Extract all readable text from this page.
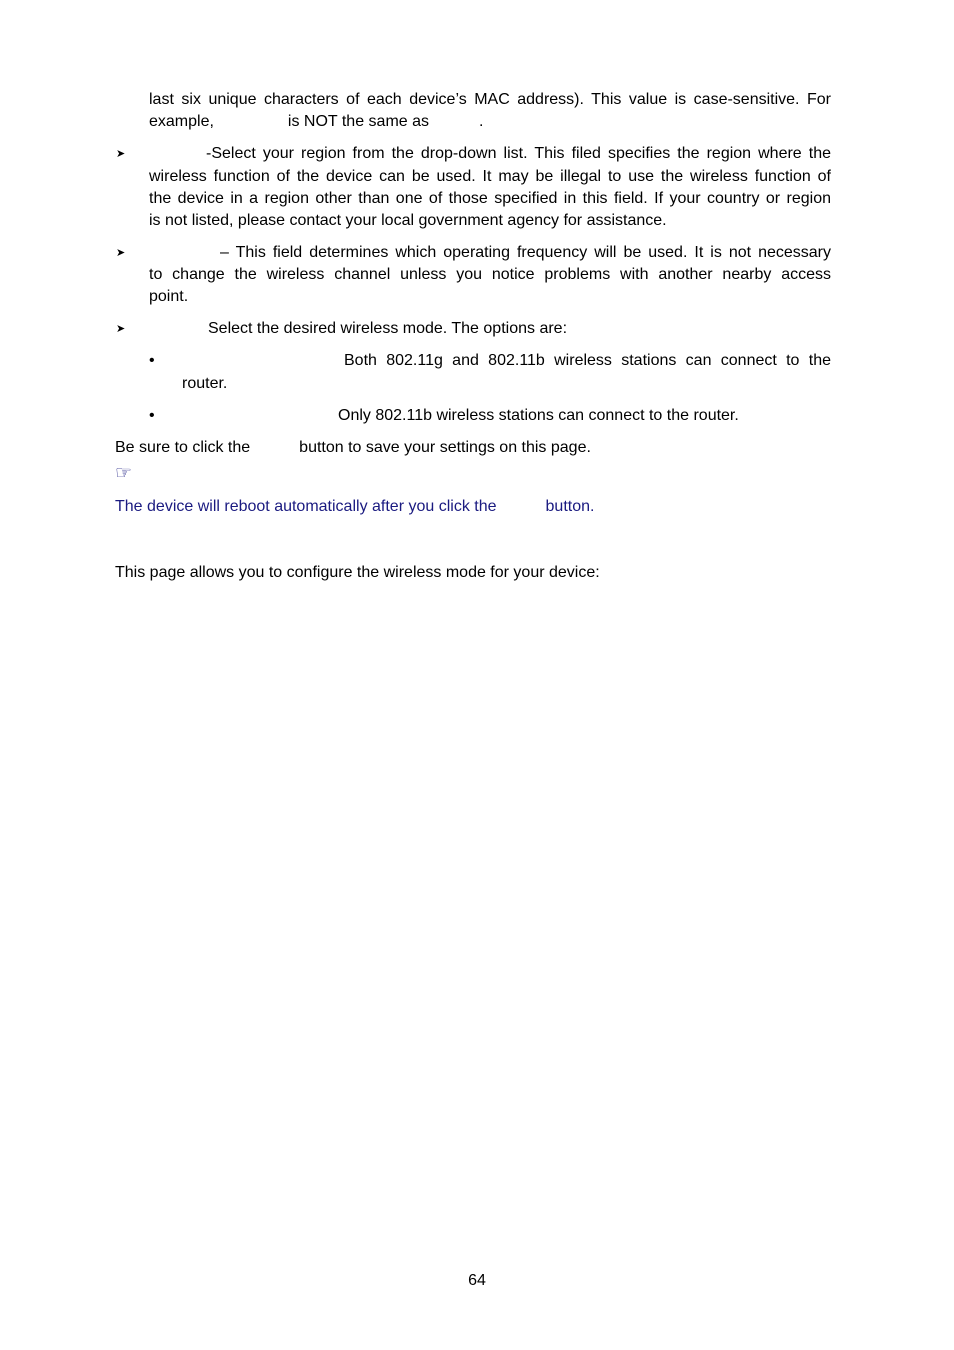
last six unique characters of each device’s MAC address). This value is case-sensitive. For
example,	is NOT the same as	.
➤	-Select your region from the drop-down list. This filed specifies the region where the
wireless function of the device can be used. It may be illegal to use the wireless function of
the device in a region other than one of those specified in this field. If your country or region
is not listed, please contact your local government agency for assistance.
➤	– This field determines which operating frequency will be used. It is not necessary
to change the wireless channel unless you notice problems with another nearby access
point.
➤	Select the desired wireless mode. The options are:
•	Both 802.11g and 802.11b wireless stations can connect to the
router.
•	Only 802.11b wireless stations can connect to the router.
Be sure to click the	button to save your settings on this page.
☞
The device will reboot automatically after you click the	button.
This page allows you to configure the wireless mode for your device:
64
